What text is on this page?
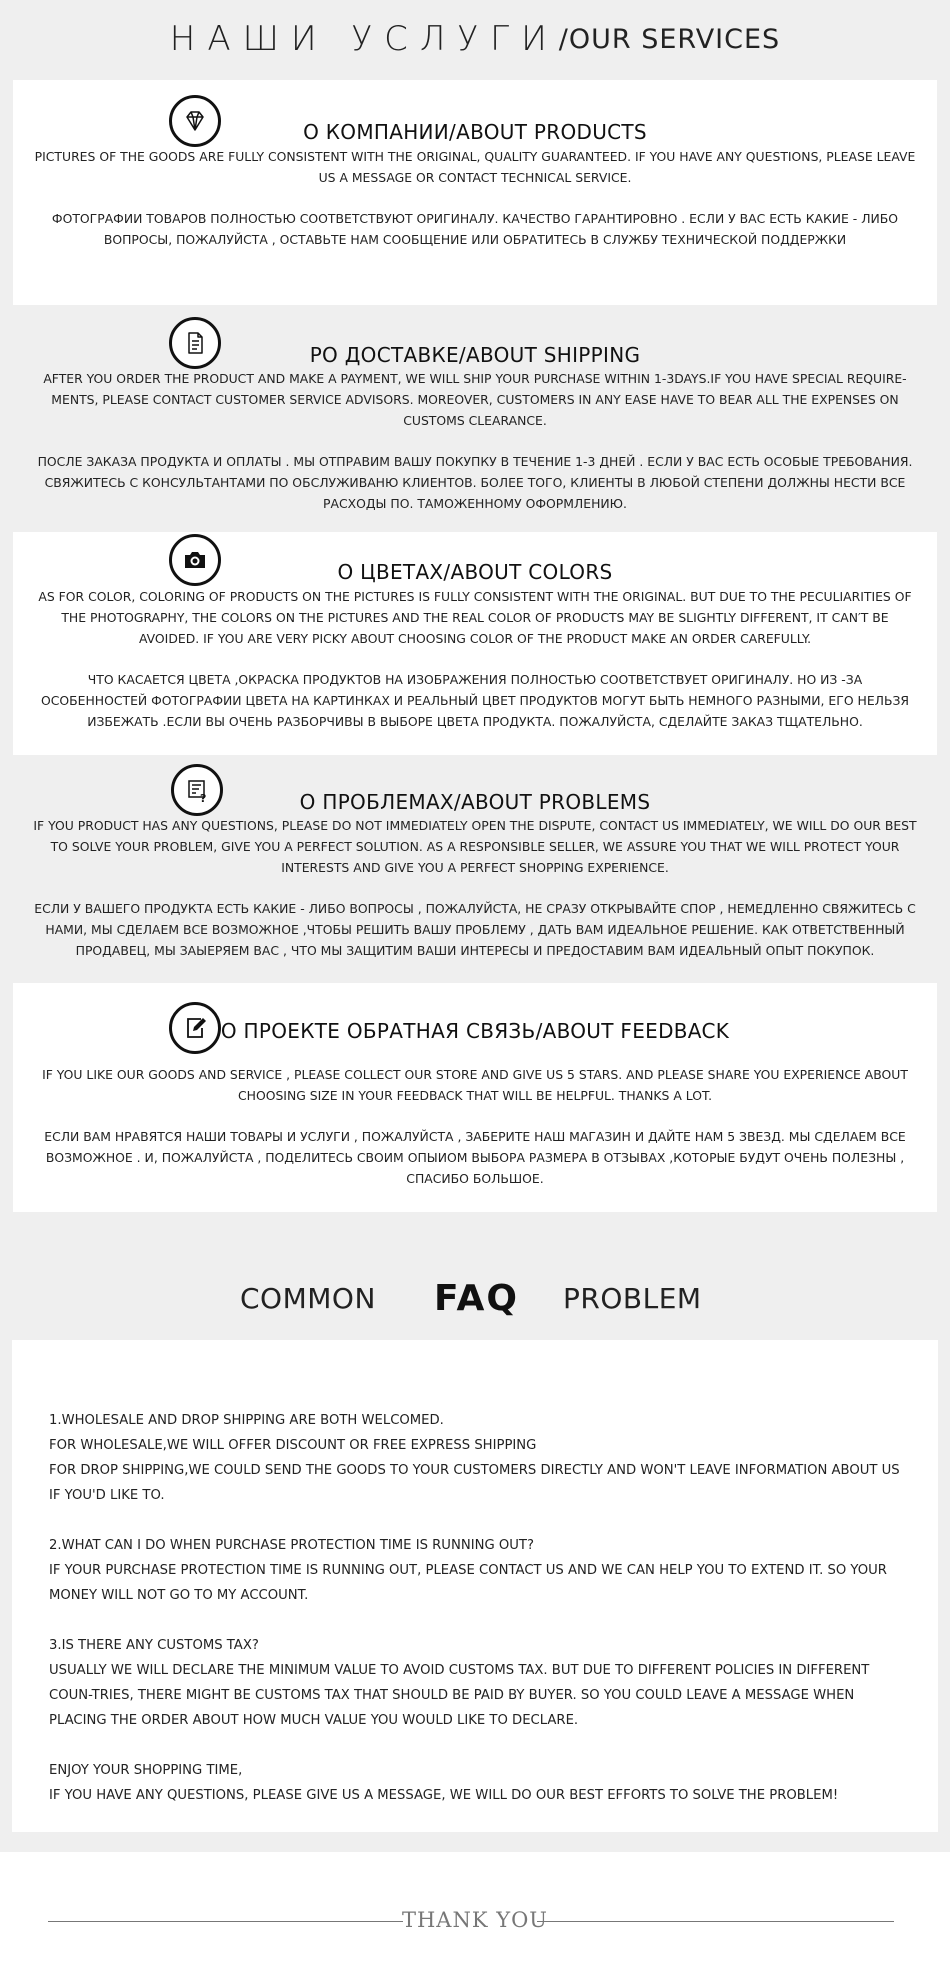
НАШИ УСЛУГИ /OUR SERVICES
О КОМПАНИИ/ABOUT PRODUCTS

PICTURES OF THE GOODS ARE FULLY CONSISTENT WITH THE ORIGINAL, QUALITY GUARANTEED. IF YOU HAVE ANY QUESTIONS, PLEASE LEAVE US A MESSAGE OR CONTACT TECHNICAL SERVICE.

ФОТОГРАФИИ ТОВАРОВ ПОЛНОСТЬЮ СООТВЕТСТВУЮТ ОРИГИНАЛУ. КАЧЕСТВО ГАРАНТИРОВНО . ЕСЛИ У ВАС ЕСТЬ КАКИЕ - ЛИБО ВОПРОСЫ, ПОЖАЛУЙСТА , ОСТАВЬТЕ НАМ СООБЩЕНИЕ ИЛИ ОБРАТИТЕСЬ В СЛУЖБУ ТЕХНИЧЕСКОЙ ПОДДЕРЖКИ

РО ДОСТАВКЕ/ABOUT SHIPPING

AFTER YOU ORDER THE PRODUCT AND MAKE A PAYMENT, WE WILL SHIP YOUR PURCHASE WITHIN 1-3DAYS.IF YOU HAVE SPECIAL REQUIRE-MENTS, PLEASE CONTACT CUSTOMER SERVICE ADVISORS. MOREOVER, CUSTOMERS IN ANY EASE HAVE TO BEAR ALL THE EXPENSES ON CUSTOMS CLEARANCE.

ПОСЛЕ ЗАКАЗА ПРОДУКТА И ОПЛАТЫ . МЫ ОТПРАВИМ ВАШУ ПОКУПКУ В ТЕЧЕНИЕ 1-3 ДНЕЙ . ЕСЛИ У ВАС ЕСТЬ ОСОБЫЕ ТРЕБОВАНИЯ. СВЯЖИТЕСЬ С КОНСУЛЬТАНТАМИ ПО ОБСЛУЖИВАНЮ КЛИЕНТОВ. БОЛЕЕ ТОГО, КЛИЕНТЫ В ЛЮБОЙ СТЕПЕНИ ДОЛЖНЫ НЕСТИ ВСЕ РАСХОДЫ ПО. ТАМОЖЕННОМУ ОФОРМЛЕНИЮ.

О ЦВЕТАХ/ABOUT COLORS

AS FOR COLOR, COLORING OF PRODUCTS ON THE PICTURES IS FULLY CONSISTENT WITH THE ORIGINAL. BUT DUE TO THE PECULIARITIES OF THE PHOTOGRAPHY, THE COLORS ON THE PICTURES AND THE REAL COLOR OF PRODUCTS MAY BE SLIGHTLY DIFFERENT, IT CAN′T BE AVOIDED. IF YOU ARE VERY PICKY ABOUT CHOOSING COLOR OF THE PRODUCT MAKE AN ORDER CAREFULLY.

ЧТО КАСАЕТСЯ ЦВЕТА ,ОКРАСКА ПРОДУКТОВ НА ИЗОБРАЖЕНИЯ ПОЛНОСТЬЮ СООТВЕТСТВУЕТ ОРИГИНАЛУ. НО ИЗ -ЗА ОСОБЕННОСТЕЙ ФОТОГРАФИИ ЦВЕТА НА КАРТИНКАХ И РЕАЛЬНЫЙ ЦВЕТ ПРОДУКТОВ МОГУТ БЫТЬ НЕМНОГО РАЗНЫМИ, ЕГО НЕЛЬЗЯ ИЗБЕЖАТЬ .ЕСЛИ ВЫ ОЧЕНЬ РАЗБОРЧИВЫ В ВЫБОРЕ ЦВЕТА ПРОДУКТА. ПОЖАЛУЙСТА, СДЕЛАЙТЕ ЗАКАЗ ТЩАТЕЛЬНО.

?	О ПРОБЛЕМАХ/ABOUT PROBLEMS

IF YOU PRODUCT HAS ANY QUESTIONS, PLEASE DO NOT IMMEDIATELY OPEN THE DISPUTE, CONTACT US IMMEDIATELY, WE WILL DO OUR BEST TO SOLVE YOUR PROBLEM, GIVE YOU A PERFECT SOLUTION. AS A RESPONSIBLE SELLER, WE ASSURE YOU THAT WE WILL PROTECT YOUR INTERESTS AND GIVE YOU A PERFECT SHOPPING EXPERIENCE.

ЕСЛИ У ВАШЕГО ПРОДУКТА ЕСТЬ КАКИЕ - ЛИБО ВОПРОСЫ , ПОЖАЛУЙСТА, НЕ СРАЗУ ОТКРЫВАЙТЕ СПОР , НЕМЕДЛЕННО СВЯЖИТЕСЬ С НАМИ, МЫ СДЕЛАЕМ ВСЕ ВОЗМОЖНОЕ ,ЧТОБЫ РЕШИТЬ ВАШУ ПРОБЛЕМУ , ДАТЬ ВАМ ИДЕАЛЬНОЕ РЕШЕНИЕ. КАК ОТВЕТСТВЕННЫЙ ПРОДАВЕЦ, МЫ ЗАЫЕРЯЕМ ВАС , ЧТО МЫ ЗАЩИТИМ ВАШИ ИНТЕРЕСЫ И ПРЕДОСТАВИМ ВАМ ИДЕАЛЬНЫЙ ОПЫТ ПОКУПОК.

О ПРОЕКТЕ ОБРАТНАЯ СВЯЗЬ/ABOUT FEEDBACK

IF YOU LIKE OUR GOODS AND SERVICE , PLEASE COLLECT OUR STORE AND GIVE US 5 STARS. AND PLEASE SHARE YOU EXPERIENCE ABOUT CHOOSING SIZE IN YOUR FEEDBACK THAT WILL BE HELPFUL. THANKS A LOT.

ЕСЛИ ВАМ НРАВЯТСЯ НАШИ ТОВАРЫ И УСЛУГИ , ПОЖАЛУЙСТА , ЗАБЕРИТЕ НАШ МАГАЗИН И ДАЙТЕ НАМ 5 ЗВЕЗД. МЫ СДЕЛАЕМ ВСЕ ВОЗМОЖНОЕ . И, ПОЖАЛУЙСТА , ПОДЕЛИТЕСЬ СВОИМ ОПЫИОМ ВЫБОРА РАЗМЕРА В ОТЗЫВАХ ,КОТОРЫЕ БУДУТ ОЧЕНЬ ПОЛЕЗНЫ , СПАСИБО БОЛЬШОЕ.

COMMON FAQ PROBLEM

1.WHOLESALE AND DROP SHIPPING ARE BOTH WELCOMED.

FOR WHOLESALE,WE WILL OFFER DISCOUNT OR FREE EXPRESS SHIPPING

FOR DROP SHIPPING,WE COULD SEND THE GOODS TO YOUR CUSTOMERS DIRECTLY AND WON'T LEAVE INFORMATION ABOUT US IF YOU'D LIKE TO.

2.WHAT CAN I DO WHEN PURCHASE PROTECTION TIME IS RUNNING OUT?

IF YOUR PURCHASE PROTECTION TIME IS RUNNING OUT, PLEASE CONTACT US AND WE CAN HELP YOU TO EXTEND IT. SO YOUR MONEY WILL NOT GO TO MY ACCOUNT.

3.IS THERE ANY CUSTOMS TAX?

USUALLY WE WILL DECLARE THE MINIMUM VALUE TO AVOID CUSTOMS TAX. BUT DUE TO DIFFERENT POLICIES IN DIFFERENT COUN-TRIES, THERE MIGHT BE CUSTOMS TAX THAT SHOULD BE PAID BY BUYER. SO YOU COULD LEAVE A MESSAGE WHEN PLACING THE ORDER ABOUT HOW MUCH VALUE YOU WOULD LIKE TO DECLARE.

ENJOY YOUR SHOPPING TIME,

IF YOU HAVE ANY QUESTIONS, PLEASE GIVE US A MESSAGE, WE WILL DO OUR BEST EFFORTS TO SOLVE THE PROBLEM!

THANK YOU
